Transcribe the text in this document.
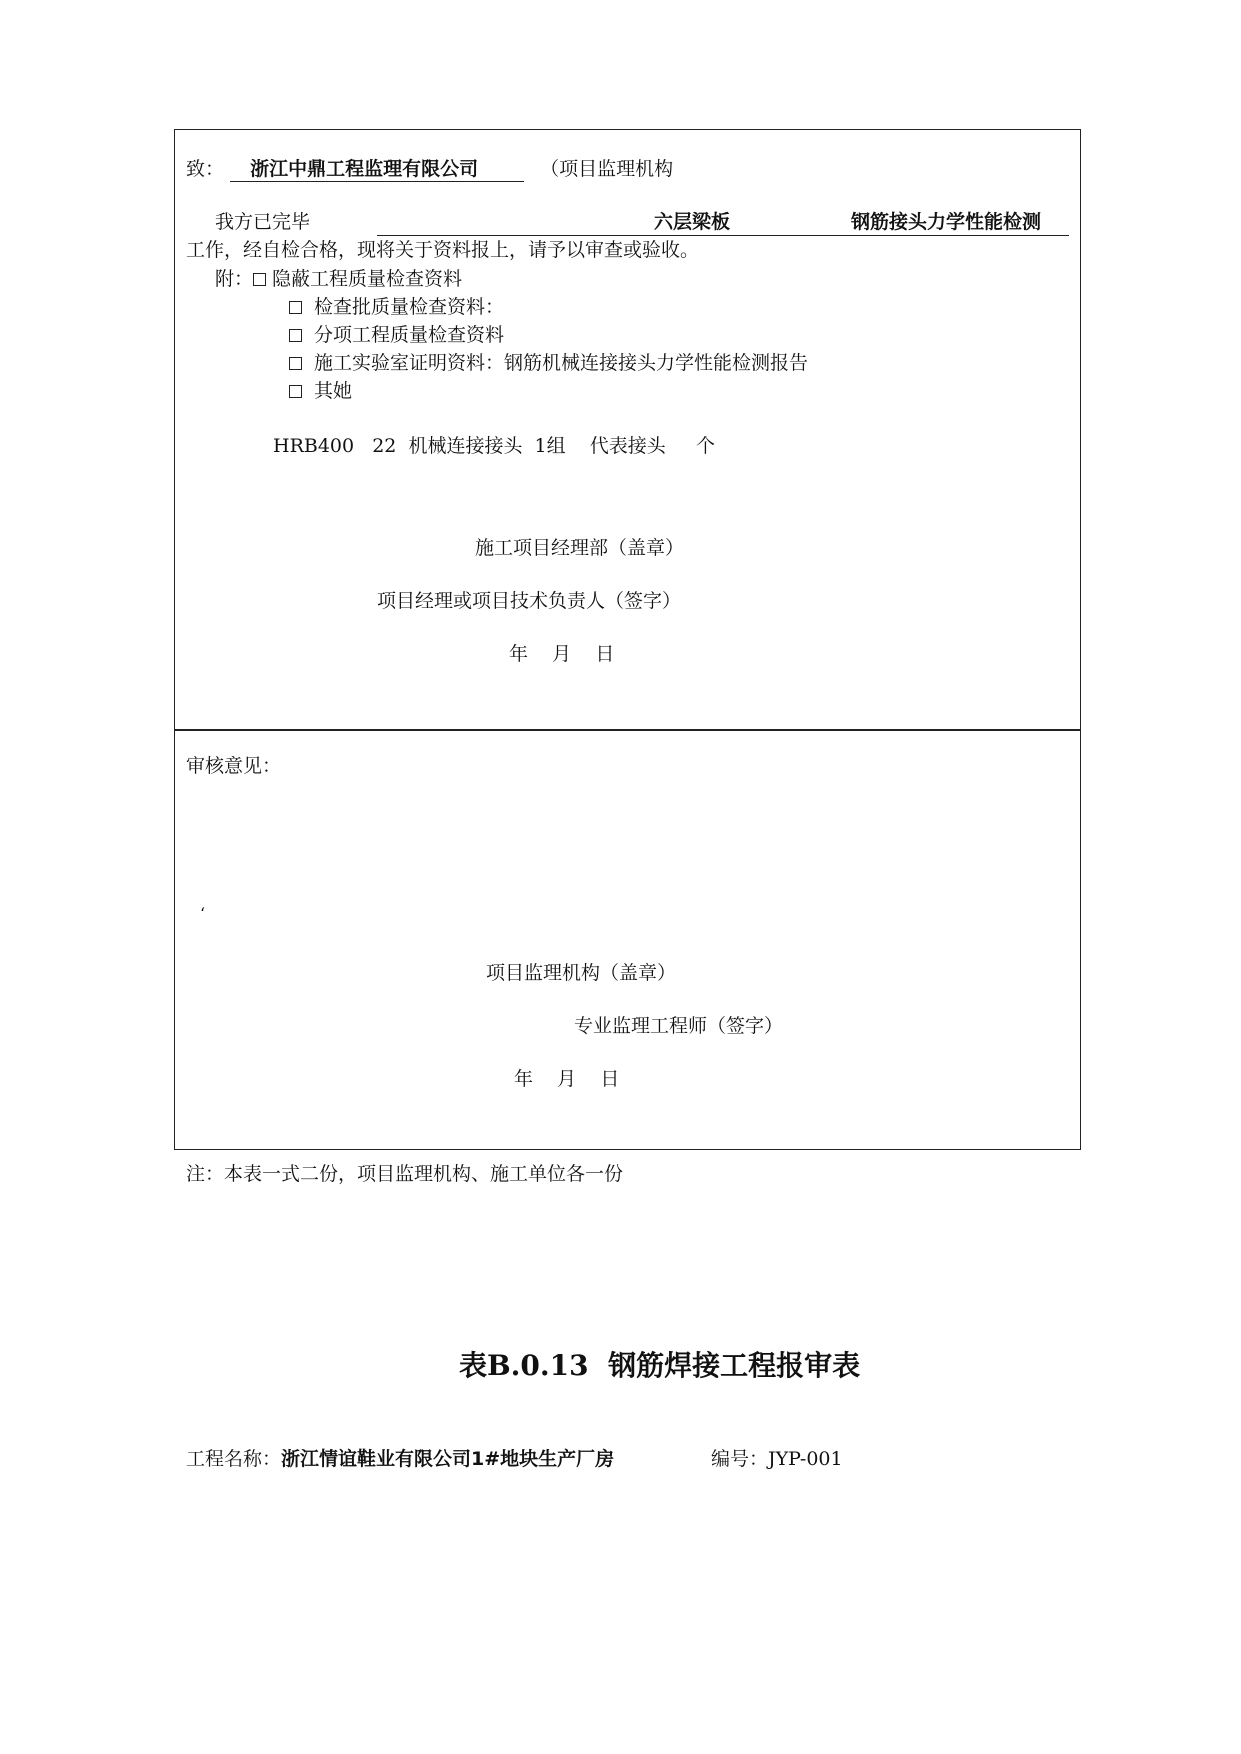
致： 浙江中鼎工程监理有限公司	（项目监理机构
我方已完毕	六层梁板	钢筋接头力学性能检测
工作，经自检合格，现将关于资料报上，请予以审查或验收。
附： 隐蔽工程质量检查资料
检查批质量检查资料：
分项工程质量检查资料
施工实验室证明资料：钢筋机械连接接头力学性能检测报告
其她
HRB400   22  机械连接接头  1组    代表接头     个
施工项目经理部（盖章）
项目经理或项目技术负责人（签字）
年    月    日
审核意见：
‘
项目监理机构（盖章）
专业监理工程师（签字）
年    月    日
注：本表一式二份，项目监理机构、施工单位各一份
表B.0.13  钢筋焊接工程报审表
工程名称：浙江情谊鞋业有限公司1#地块生产厂房	编号：JYP-001
